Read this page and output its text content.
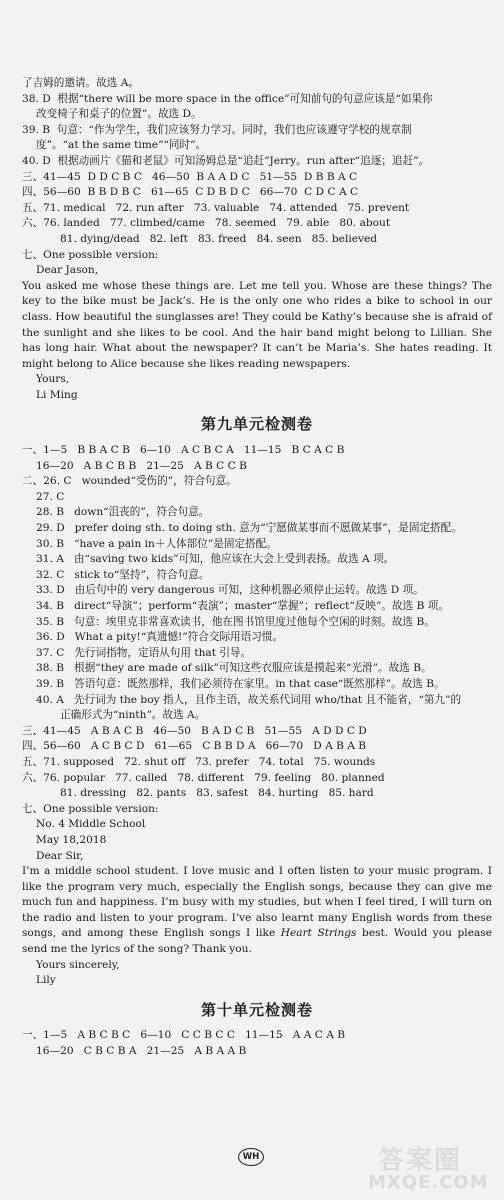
了吉姆的邀请。故选 A。
38. D  根据“there will be more space in the office”可知前句的句意应该是“如果你
改变椅子和桌子的位置”。故选 D。
39. B  句意：“作为学生，我们应该努力学习。同时，我们也应该遵守学校的规章制
度”。“at the same time”“同时”。
40. D  根据动画片《猫和老鼠》可知汤姆总是“追赶”Jerry。run after“追逐；追赶”。
三、41—45  D D C B C   46—50  B A A D C   51—55  D B B A C
四、56—60  B B D B C   61—65  C D B D C   66—70  C D C A C
五、71. medical   72. run after   73. valuable   74. attended   75. prevent
六、76. landed   77. climbed/came   78. seemed   79. able   80. about
81. dying/dead   82. left   83. freed   84. seen   85. believed
七、One possible version:
Dear Jason,

You asked me whose these things are. Let me tell you. Whose are these things? The key to the bike must be Jack’s. He is the only one who rides a bike to school in our class. How beautiful the sunglasses are! They could be Kathy’s because she is afraid of the sunlight and she likes to be cool. And the hair band might belong to Lillian. She has long hair. What about the newspaper? It can’t be Maria’s. She hates reading. It might belong to Alice because she likes reading newspapers.

Yours,
Li Ming
第九单元检测卷
一、1—5   B B A C B   6—10   A C B C A   11—15   B C A C B
16—20   A B C B B   21—25   A B C C B
二、26. C   wounded“受伤的”，符合句意。
27. C
28. B   down“沮丧的”，符合句意。
29. D   prefer doing sth. to doing sth. 意为“宁愿做某事而不愿做某事”，是固定搭配。
30. B   “have a pain in＋人体部位”是固定搭配。
31. A   由“saving two kids”可知，他应该在大会上受到表扬。故选 A 项。
32. C   stick to“坚持”，符合句意。
33. D   由后句中的 very dangerous 可知，这种机器必须停止运转。故选 D 项。
34. B   direct“导演”；perform“表演”；master“掌握”；reflect“反映”。故选 B 项。
35. B   句意：埃里克非常喜欢读书，他在图书馆里度过他每个空闲的时刻。故选 B。
36. D   What a pity!“真遗憾!”符合交际用语习惯。
37. C   先行词指物，定语从句用 that 引导。
38. B   根据“they are made of silk”可知这些衣服应该是摸起来“光滑”。故选 B。
39. B   答语句意：既然那样，我们必须待在家里。in that case“既然那样”。故选 B。
40. A   先行词为 the boy 指人，且作主语，故关系代词用 who/that 且不能省，“第九”的
正确形式为“ninth”。故选 A。
三、41—45   A B A C B   46—50   B A D C B   51—55   A D D C D
四、56—60   A C B C D   61—65   C B B D A   66—70   D A B A B
五、71. supposed   72. shut off   73. prefer   74. total   75. wounds
六、76. popular   77. called   78. different   79. feeling   80. planned
81. dressing   82. pants   83. safest   84. hurting   85. hard
七、One possible version:
No. 4 Middle School
May 18,2018
Dear Sir,

I’m a middle school student. I love music and I often listen to your music program. I like the program very much, especially the English songs, because they can give me much fun and happiness. I’m busy with my studies, but when I feel tired, I will turn on the radio and listen to your program. I’ve also learnt many English words from these songs, and among these English songs I like Heart Strings best. Would you please send me the lyrics of the song? Thank you.

Yours sincerely,
Lily
第十单元检测卷
一、1—5   A B C B C   6—10   C C B C C   11—15   A A C A B
16—20   C B C B A   21—25   A B A A B
WH	答案圈
MXQE.COM
